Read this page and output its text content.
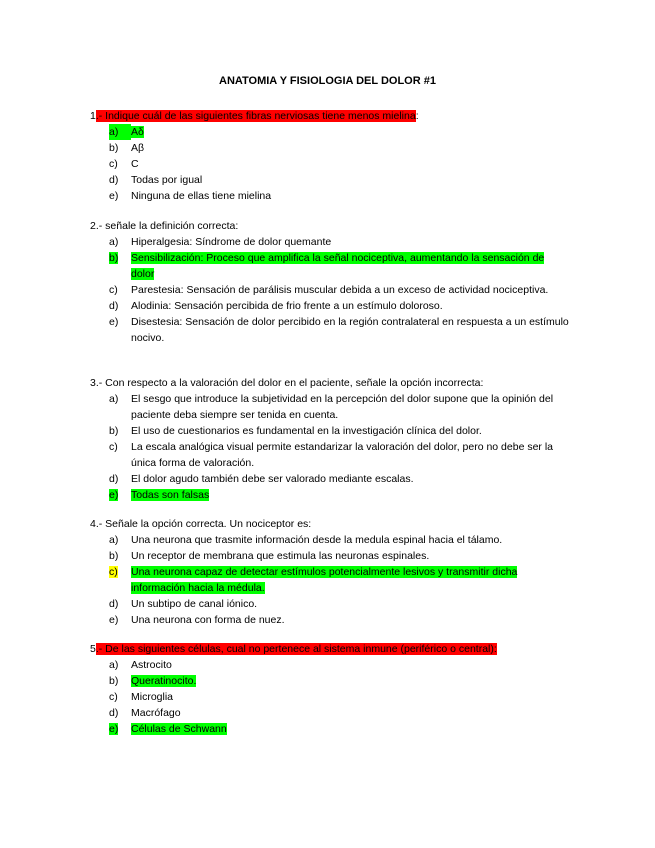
ANATOMIA Y FISIOLOGIA DEL DOLOR #1
1.- Indique cuál de las siguientes fibras nerviosas tiene menos mielina:
a)	Aδ
b)	Aβ
c)	C
d)	Todas por igual
e)	Ninguna de ellas tiene mielina
2.- señale la definición correcta:
a)	Hiperalgesia: Síndrome de dolor quemante
b)	Sensibilización: Proceso que amplifica la señal nociceptiva, aumentando la sensación de dolor
c)	Parestesia: Sensación de parálisis muscular debida a un exceso de actividad nociceptiva.
d)	Alodinia: Sensación percibida de frio frente a un estímulo doloroso.
e)	Disestesia: Sensación de dolor percibido en la región contralateral en respuesta a un estímulo nocivo.
3.- Con respecto a la valoración del dolor en el paciente, señale la opción incorrecta:
a)	El sesgo que introduce la subjetividad en la percepción del dolor supone que la opinión del paciente deba siempre ser tenida en cuenta.
b)	El uso de cuestionarios es fundamental en la investigación clínica del dolor.
c)	La escala analógica visual permite estandarizar la valoración del dolor, pero no debe ser la única forma de valoración.
d)	El dolor agudo también debe ser valorado mediante escalas.
e)	Todas son falsas
4.- Señale la opción correcta. Un nociceptor es:
a)	Una neurona que trasmite información desde la medula espinal hacia el tálamo.
b)	Un receptor de membrana que estimula las neuronas espinales.
c)	Una neurona capaz de detectar estímulos potencialmente lesivos y transmitir dicha información hacia la médula.
d)	Un subtipo de canal iónico.
e)	Una neurona con forma de nuez.
5.- De las siguientes células, cual no pertenece al sistema inmune (periférico o central):
a)	Astrocito
b)	Queratinocito.
c)	Microglia
d)	Macrófago
e)	Células de Schwann
